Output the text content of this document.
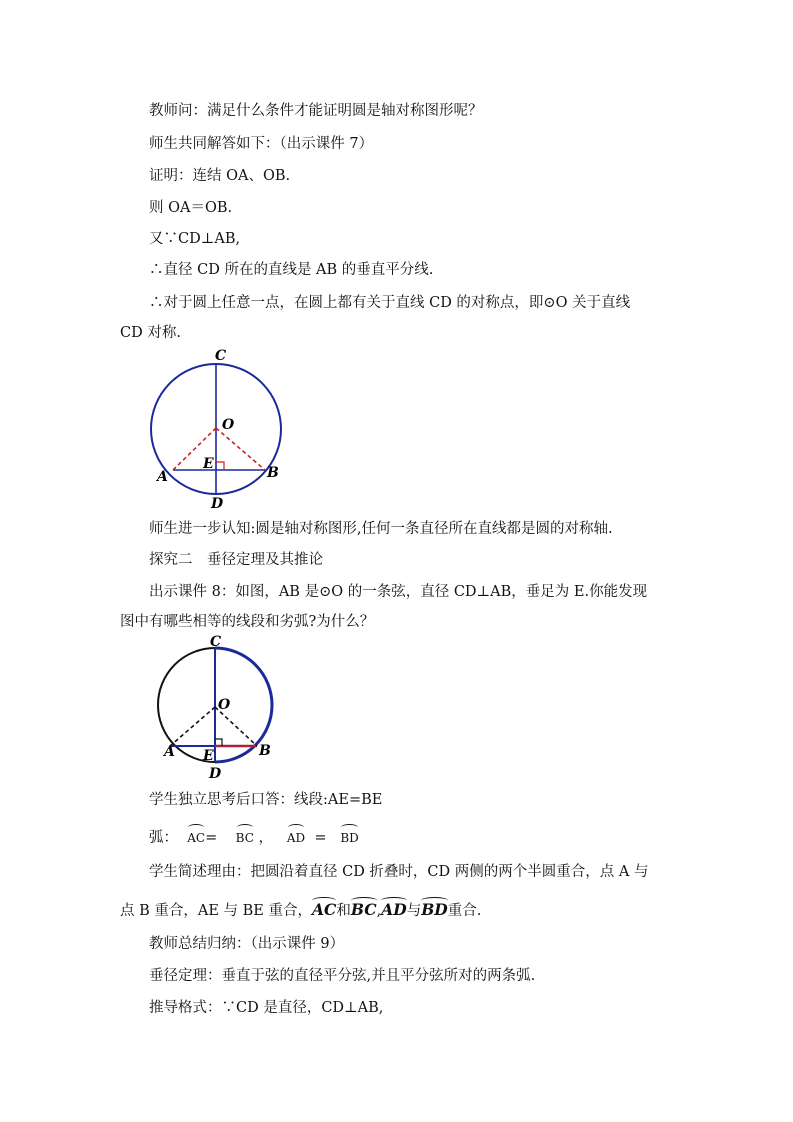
教师问：满足什么条件才能证明圆是轴对称图形呢？
师生共同解答如下：（出示课件 7）
证明：连结 OA、OB.
则 OA＝OB.
又∵CD⊥AB,
∴直径 CD 所在的直线是 AB 的垂直平分线.
∴对于圆上任意一点，在圆上都有关于直线 CD 的对称点，即⊙O 关于直线
CD 对称.
C
O
E
A	B
D
师生进一步认知:圆是轴对称图形,任何一条直径所在直线都是圆的对称轴.
探究二　垂径定理及其推论
出示课件 8：如图，AB 是⊙O 的一条弦，直径 CD⊥AB，垂足为 E.你能发现
图中有哪些相等的线段和劣弧?为什么？
C
O
E
A	B
D
学生独立思考后口答：线段:AE=BE
弧： AC= BC ， AD = BD
学生简述理由：把圆沿着直径 CD 折叠时，CD 两侧的两个半圆重合，点 A 与
点 B 重合，AE 与 BE 重合，AC和BC,AD与BD重合.
教师总结归纳：（出示课件 9）
垂径定理：垂直于弦的直径平分弦,并且平分弦所对的两条弧.
推导格式：∵CD 是直径，CD⊥AB,
